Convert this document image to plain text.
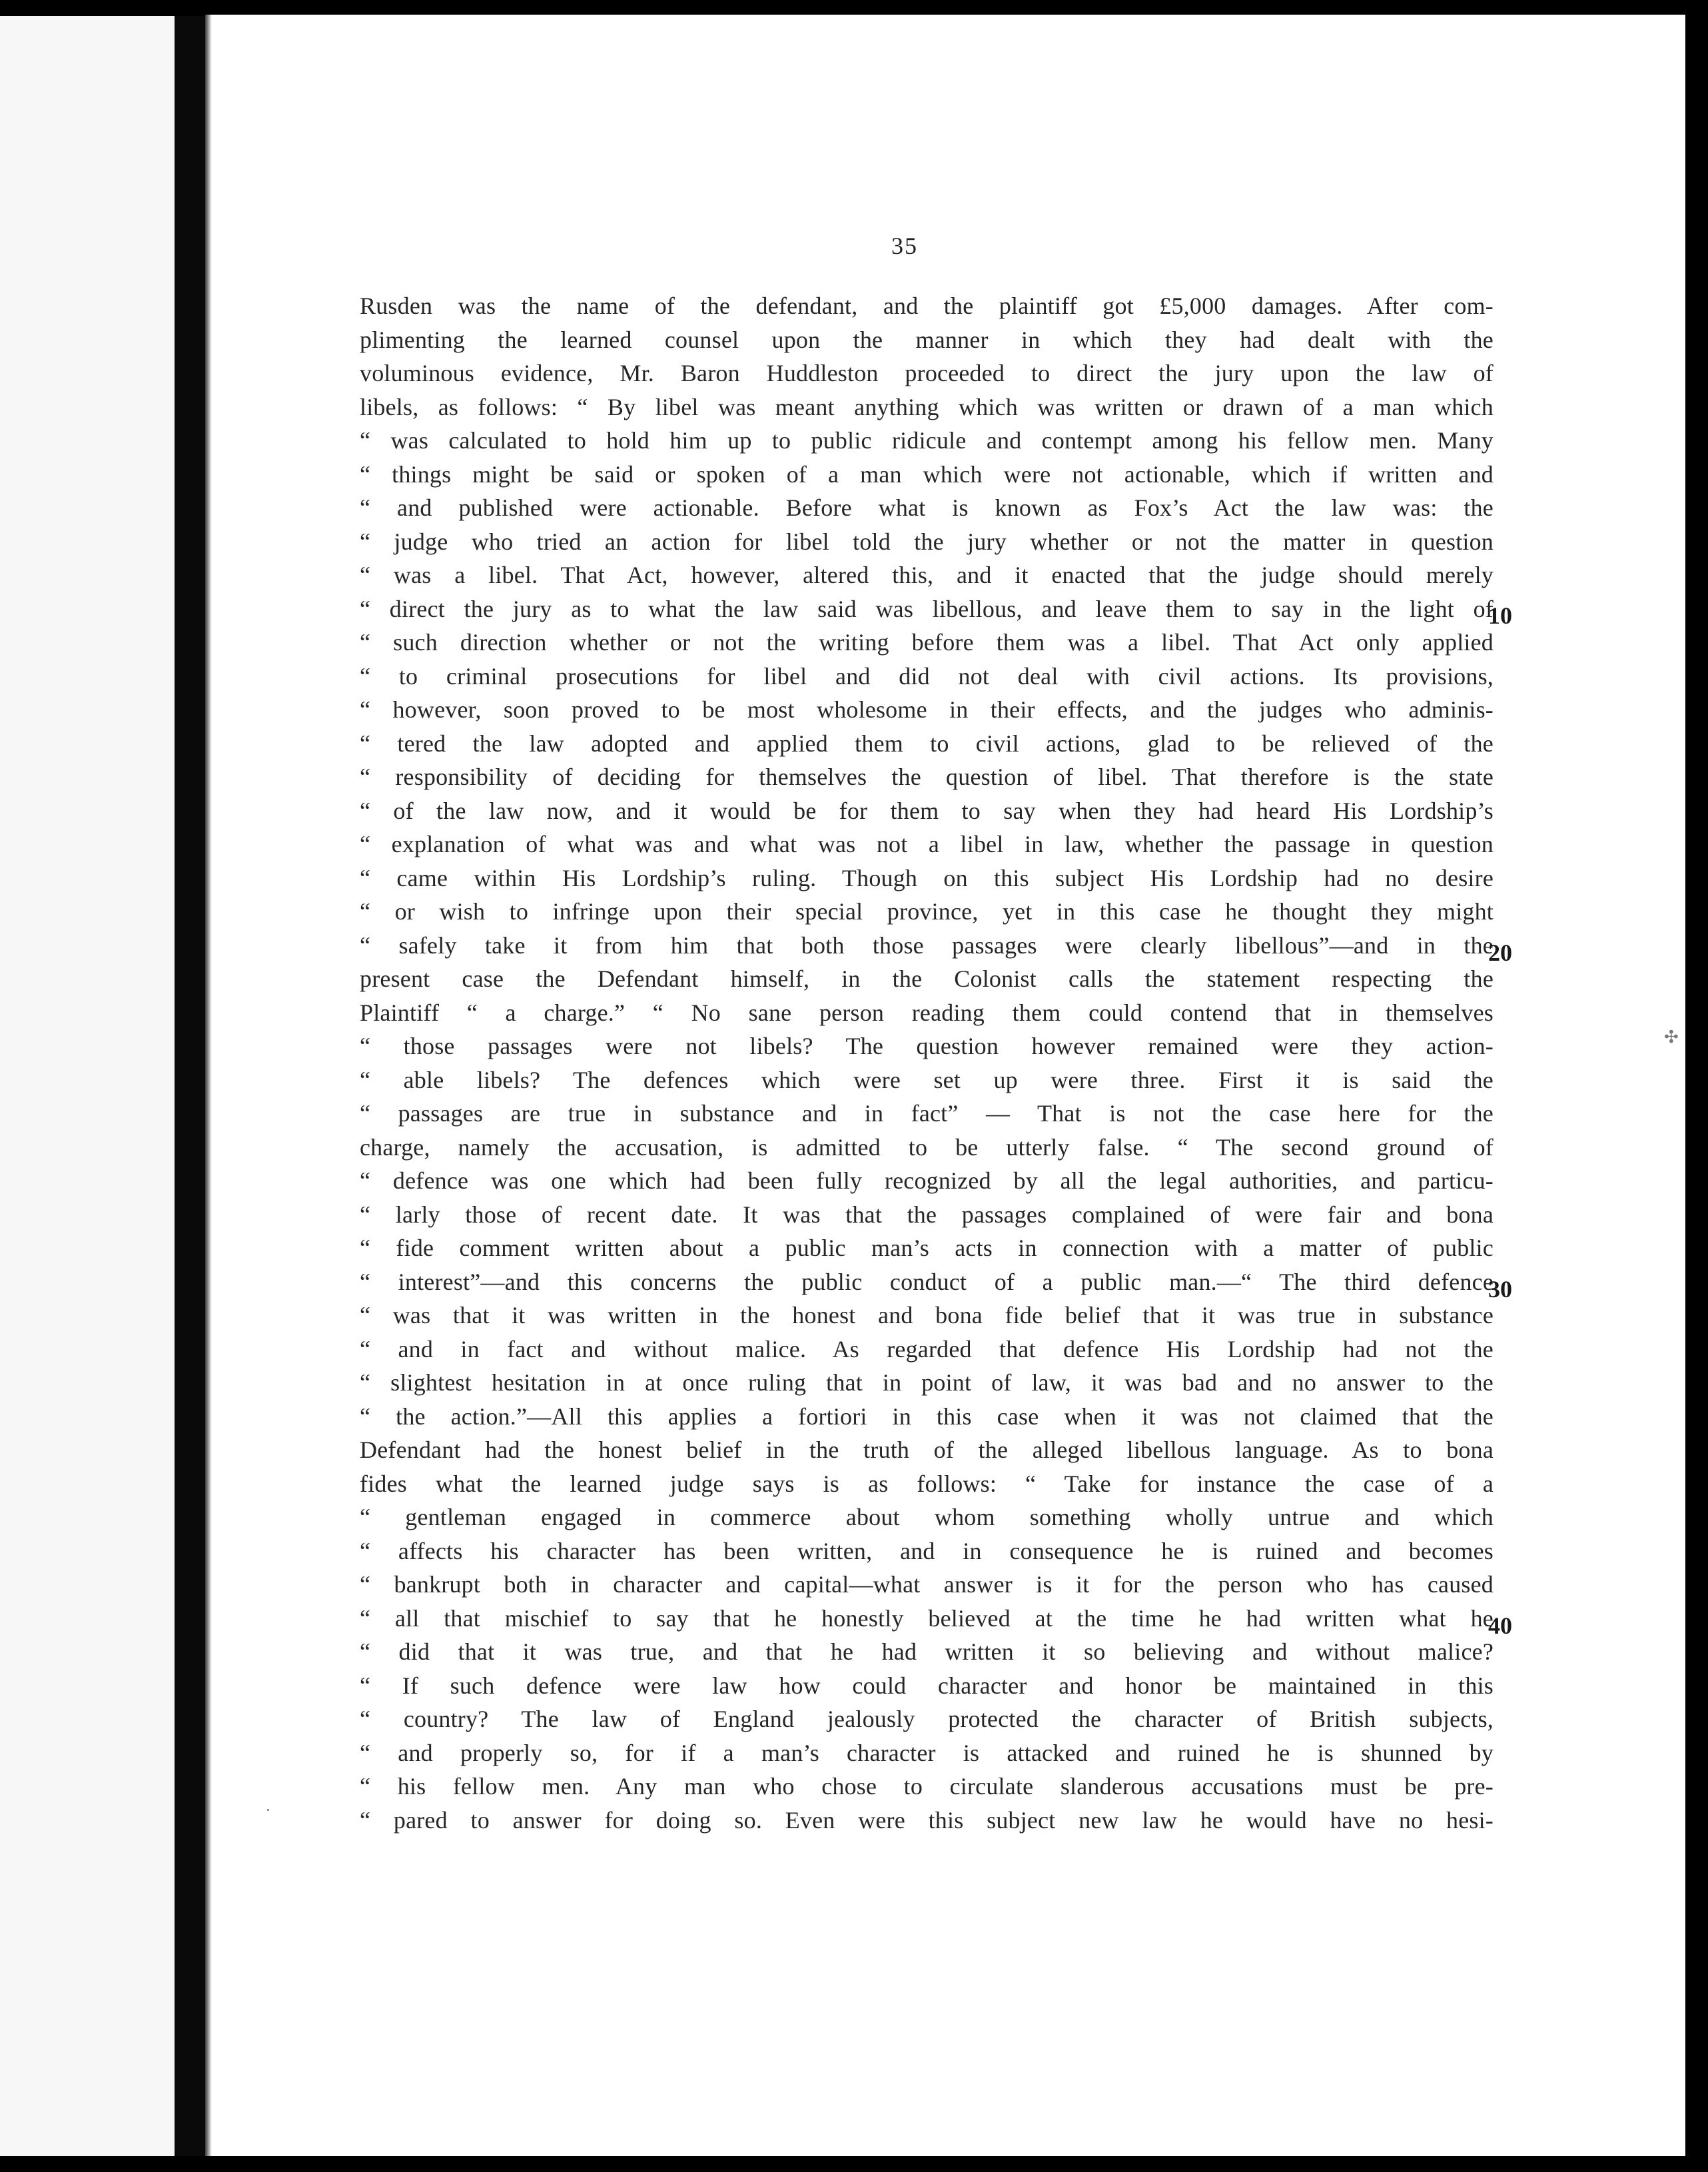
35
Rusden was the name of the defendant, and the plaintiff got £5,000 damages. After com-
plimenting the learned counsel upon the manner in which they had dealt with the
voluminous evidence, Mr. Baron Huddleston proceeded to direct the jury upon the law of
libels, as follows: “ By libel was meant anything which was written or drawn of a man which
“ was calculated to hold him up to public ridicule and contempt among his fellow men. Many
“ things might be said or spoken of a man which were not actionable, which if written and
“ and published were actionable. Before what is known as Fox’s Act the law was: the
“ judge who tried an action for libel told the jury whether or not the matter in question
“ was a libel. That Act, however, altered this, and it enacted that the judge should merely
“ direct the jury as to what the law said was libellous, and leave them to say in the light of
“ such direction whether or not the writing before them was a libel. That Act only applied
“ to criminal prosecutions for libel and did not deal with civil actions. Its provisions,
“ however, soon proved to be most wholesome in their effects, and the judges who adminis-
“ tered the law adopted and applied them to civil actions, glad to be relieved of the
“ responsibility of deciding for themselves the question of libel. That therefore is the state
“ of the law now, and it would be for them to say when they had heard His Lordship’s
“ explanation of what was and what was not a libel in law, whether the passage in question
“ came within His Lordship’s ruling. Though on this subject His Lordship had no desire
“ or wish to infringe upon their special province, yet in this case he thought they might
“ safely take it from him that both those passages were clearly libellous”—and in the
present case the Defendant himself, in the Colonist calls the statement respecting the
Plaintiff “ a charge.” “ No sane person reading them could contend that in themselves
“ those passages were not libels? The question however remained were they action-
“ able libels? The defences which were set up were three. First it is said the
“ passages are true in substance and in fact” — That is not the case here for the
charge, namely the accusation, is admitted to be utterly false. “ The second ground of
“ defence was one which had been fully recognized by all the legal authorities, and particu-
“ larly those of recent date. It was that the passages complained of were fair and bona
“ fide comment written about a public man’s acts in connection with a matter of public
“ interest”—and this concerns the public conduct of a public man.—“ The third defence
“ was that it was written in the honest and bona fide belief that it was true in substance
“ and in fact and without malice. As regarded that defence His Lordship had not the
“ slightest hesitation in at once ruling that in point of law, it was bad and no answer to the
“ the action.”—All this applies a fortiori in this case when it was not claimed that the
Defendant had the honest belief in the truth of the alleged libellous language. As to bona
fides what the learned judge says is as follows: “ Take for instance the case of a
“ gentleman engaged in commerce about whom something wholly untrue and which
“ affects his character has been written, and in consequence he is ruined and becomes
“ bankrupt both in character and capital—what answer is it for the person who has caused
“ all that mischief to say that he honestly believed at the time he had written what he
“ did that it was true, and that he had written it so believing and without malice?
“ If such defence were law how could character and honor be maintained in this
“ country? The law of England jealously protected the character of British subjects,
“ and properly so, for if a man’s character is attacked and ruined he is shunned by
“ his fellow men. Any man who chose to circulate slanderous accusations must be pre-
“ pared to answer for doing so. Even were this subject new law he would have no hesi-
10
20
30
40
✣
·
